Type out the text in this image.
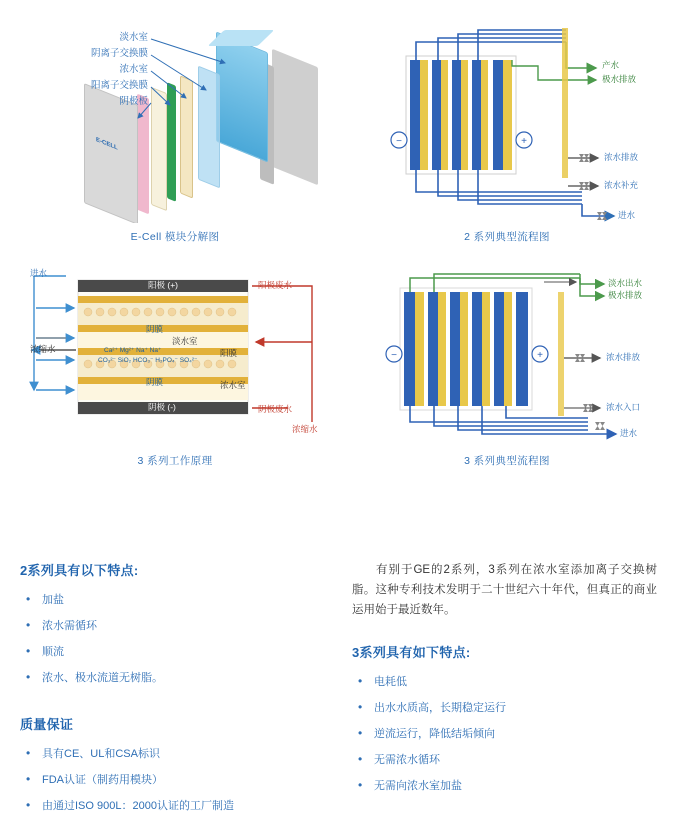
E-CELL
淡水室
阴离子交换膜
浓水室
阳离子交换膜
阴极板
E-Cell 模块分解图
−	+
产水
极水排放
浓水排放
浓水补充
进水
2 系列典型流程图
进水
阳极 (+)	阳极废水
阴膜
淡水室
阳膜
浓水室
阴膜
阴极 (-)	阴极废水
浓缩水
浓缩水
Ca²⁺ Mg²⁺ Na⁺ Na⁺
CO₃²⁻ SiO₂ HCO₃⁻ H₂PO₄⁻ SO₄²⁻
3 系列工作原理
−	+
淡水出水
极水排放
浓水排放
浓水入口
进水
3 系列典型流程图
2系列具有以下特点:
• 加盐
• 浓水需循环
• 顺流
• 浓水、极水流道无树脂。
质量保证
• 具有CE、UL和CSA标识
• FDA认证（制药用模块）
• 由通过ISO 900L：2000认证的工厂制造

有别于GE的2系列，3系列在浓水室添加离子交换树脂。这种专利技术发明于二十世纪六十年代，但真正的商业运用始于最近数年。

3系列具有如下特点:
• 电耗低
• 出水水质高，长期稳定运行
• 逆流运行，降低结垢倾向
• 无需浓水循环
• 无需向浓水室加盐
